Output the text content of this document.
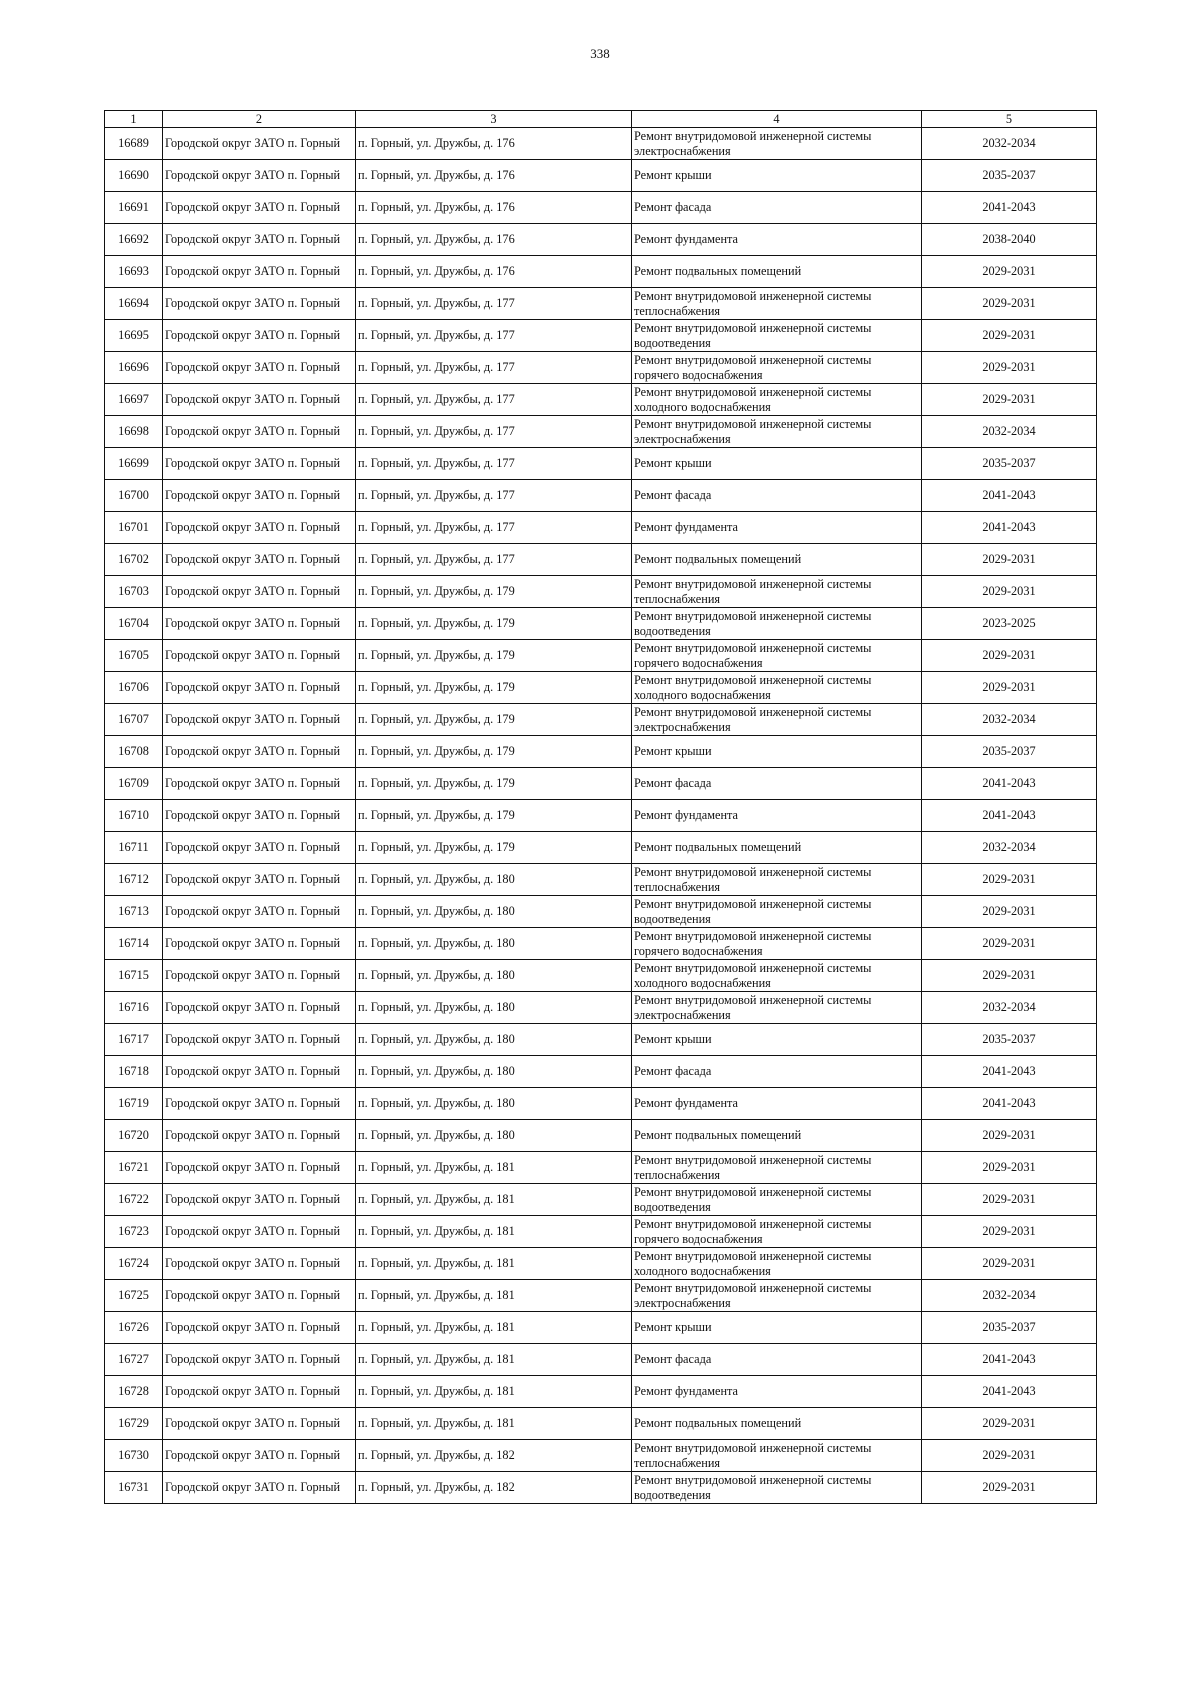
338
1	2	3	4	5
16689	Городской округ ЗАТО п. Горный	п. Горный, ул. Дружбы, д. 176	Ремонт внутридомовой инженерной системы электроснабжения	2032-2034
16690	Городской округ ЗАТО п. Горный	п. Горный, ул. Дружбы, д. 176	Ремонт крыши	2035-2037
16691	Городской округ ЗАТО п. Горный	п. Горный, ул. Дружбы, д. 176	Ремонт фасада	2041-2043
16692	Городской округ ЗАТО п. Горный	п. Горный, ул. Дружбы, д. 176	Ремонт фундамента	2038-2040
16693	Городской округ ЗАТО п. Горный	п. Горный, ул. Дружбы, д. 176	Ремонт подвальных помещений	2029-2031
16694	Городской округ ЗАТО п. Горный	п. Горный, ул. Дружбы, д. 177	Ремонт внутридомовой инженерной системы теплоснабжения	2029-2031
16695	Городской округ ЗАТО п. Горный	п. Горный, ул. Дружбы, д. 177	Ремонт внутридомовой инженерной системы водоотведения	2029-2031
16696	Городской округ ЗАТО п. Горный	п. Горный, ул. Дружбы, д. 177	Ремонт внутридомовой инженерной системы горячего водоснабжения	2029-2031
16697	Городской округ ЗАТО п. Горный	п. Горный, ул. Дружбы, д. 177	Ремонт внутридомовой инженерной системы холодного водоснабжения	2029-2031
16698	Городской округ ЗАТО п. Горный	п. Горный, ул. Дружбы, д. 177	Ремонт внутридомовой инженерной системы электроснабжения	2032-2034
16699	Городской округ ЗАТО п. Горный	п. Горный, ул. Дружбы, д. 177	Ремонт крыши	2035-2037
16700	Городской округ ЗАТО п. Горный	п. Горный, ул. Дружбы, д. 177	Ремонт фасада	2041-2043
16701	Городской округ ЗАТО п. Горный	п. Горный, ул. Дружбы, д. 177	Ремонт фундамента	2041-2043
16702	Городской округ ЗАТО п. Горный	п. Горный, ул. Дружбы, д. 177	Ремонт подвальных помещений	2029-2031
16703	Городской округ ЗАТО п. Горный	п. Горный, ул. Дружбы, д. 179	Ремонт внутридомовой инженерной системы теплоснабжения	2029-2031
16704	Городской округ ЗАТО п. Горный	п. Горный, ул. Дружбы, д. 179	Ремонт внутридомовой инженерной системы водоотведения	2023-2025
16705	Городской округ ЗАТО п. Горный	п. Горный, ул. Дружбы, д. 179	Ремонт внутридомовой инженерной системы горячего водоснабжения	2029-2031
16706	Городской округ ЗАТО п. Горный	п. Горный, ул. Дружбы, д. 179	Ремонт внутридомовой инженерной системы холодного водоснабжения	2029-2031
16707	Городской округ ЗАТО п. Горный	п. Горный, ул. Дружбы, д. 179	Ремонт внутридомовой инженерной системы электроснабжения	2032-2034
16708	Городской округ ЗАТО п. Горный	п. Горный, ул. Дружбы, д. 179	Ремонт крыши	2035-2037
16709	Городской округ ЗАТО п. Горный	п. Горный, ул. Дружбы, д. 179	Ремонт фасада	2041-2043
16710	Городской округ ЗАТО п. Горный	п. Горный, ул. Дружбы, д. 179	Ремонт фундамента	2041-2043
16711	Городской округ ЗАТО п. Горный	п. Горный, ул. Дружбы, д. 179	Ремонт подвальных помещений	2032-2034
16712	Городской округ ЗАТО п. Горный	п. Горный, ул. Дружбы, д. 180	Ремонт внутридомовой инженерной системы теплоснабжения	2029-2031
16713	Городской округ ЗАТО п. Горный	п. Горный, ул. Дружбы, д. 180	Ремонт внутридомовой инженерной системы водоотведения	2029-2031
16714	Городской округ ЗАТО п. Горный	п. Горный, ул. Дружбы, д. 180	Ремонт внутридомовой инженерной системы горячего водоснабжения	2029-2031
16715	Городской округ ЗАТО п. Горный	п. Горный, ул. Дружбы, д. 180	Ремонт внутридомовой инженерной системы холодного водоснабжения	2029-2031
16716	Городской округ ЗАТО п. Горный	п. Горный, ул. Дружбы, д. 180	Ремонт внутридомовой инженерной системы электроснабжения	2032-2034
16717	Городской округ ЗАТО п. Горный	п. Горный, ул. Дружбы, д. 180	Ремонт крыши	2035-2037
16718	Городской округ ЗАТО п. Горный	п. Горный, ул. Дружбы, д. 180	Ремонт фасада	2041-2043
16719	Городской округ ЗАТО п. Горный	п. Горный, ул. Дружбы, д. 180	Ремонт фундамента	2041-2043
16720	Городской округ ЗАТО п. Горный	п. Горный, ул. Дружбы, д. 180	Ремонт подвальных помещений	2029-2031
16721	Городской округ ЗАТО п. Горный	п. Горный, ул. Дружбы, д. 181	Ремонт внутридомовой инженерной системы теплоснабжения	2029-2031
16722	Городской округ ЗАТО п. Горный	п. Горный, ул. Дружбы, д. 181	Ремонт внутридомовой инженерной системы водоотведения	2029-2031
16723	Городской округ ЗАТО п. Горный	п. Горный, ул. Дружбы, д. 181	Ремонт внутридомовой инженерной системы горячего водоснабжения	2029-2031
16724	Городской округ ЗАТО п. Горный	п. Горный, ул. Дружбы, д. 181	Ремонт внутридомовой инженерной системы холодного водоснабжения	2029-2031
16725	Городской округ ЗАТО п. Горный	п. Горный, ул. Дружбы, д. 181	Ремонт внутридомовой инженерной системы электроснабжения	2032-2034
16726	Городской округ ЗАТО п. Горный	п. Горный, ул. Дружбы, д. 181	Ремонт крыши	2035-2037
16727	Городской округ ЗАТО п. Горный	п. Горный, ул. Дружбы, д. 181	Ремонт фасада	2041-2043
16728	Городской округ ЗАТО п. Горный	п. Горный, ул. Дружбы, д. 181	Ремонт фундамента	2041-2043
16729	Городской округ ЗАТО п. Горный	п. Горный, ул. Дружбы, д. 181	Ремонт подвальных помещений	2029-2031
16730	Городской округ ЗАТО п. Горный	п. Горный, ул. Дружбы, д. 182	Ремонт внутридомовой инженерной системы теплоснабжения	2029-2031
16731	Городской округ ЗАТО п. Горный	п. Горный, ул. Дружбы, д. 182	Ремонт внутридомовой инженерной системы водоотведения	2029-2031
